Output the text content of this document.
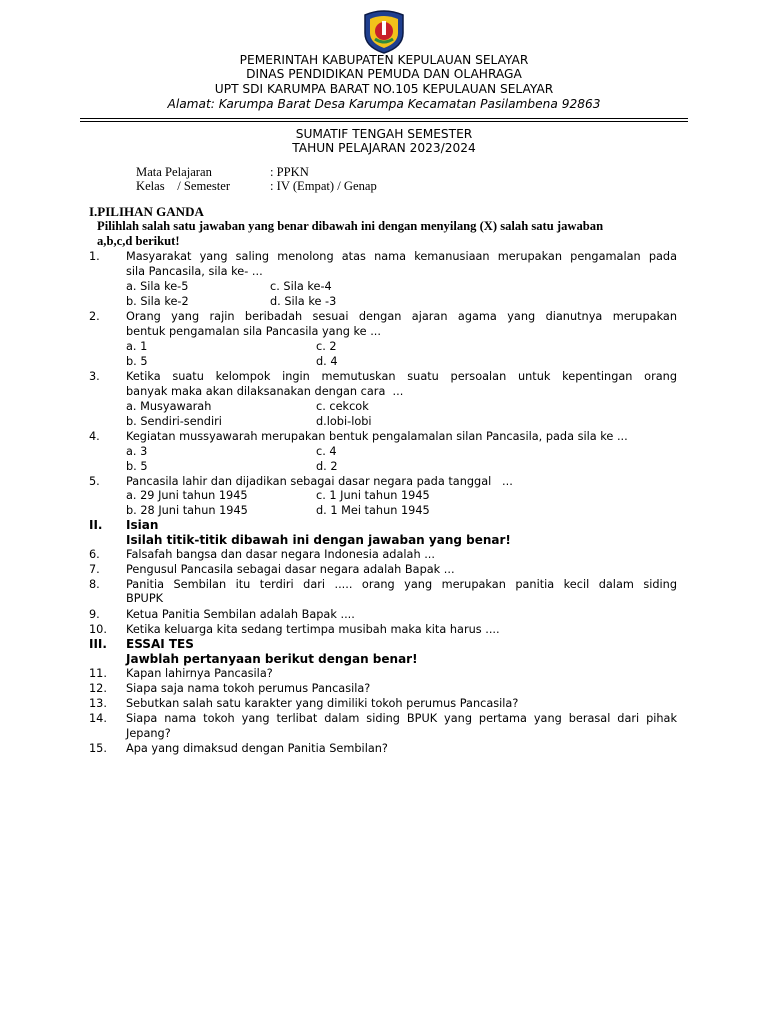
PEMERINTAH KABUPATEN KEPULAUAN SELAYAR
DINAS PENDIDIKAN PEMUDA DAN OLAHRAGA
UPT SDI KARUMPA BARAT NO.105 KEPULAUAN SELAYAR
Alamat: Karumpa Barat Desa Karumpa Kecamatan Pasilambena 92863
SUMATIF TENGAH SEMESTER
TAHUN PELAJARAN 2023/2024
Mata Pelajaran	: PPKN
Kelas    / Semester	: IV (Empat) / Genap
I.PILIHAN GANDA
Pilihlah salah satu jawaban yang benar dibawah ini dengan menyilang (X) salah satu jawaban
a,b,c,d berikut!
1. Masyarakat yang saling menolong atas nama kemanusiaan merupakan pengamalan pada
sila Pancasila, sila ke- ...
a. Sila ke-5	c. Sila ke-4
b. Sila ke-2	d. Sila ke -3
2. Orang yang rajin beribadah sesuai dengan ajaran agama yang dianutnya merupakan
bentuk pengamalan sila Pancasila yang ke ...
a. 1	c. 2
b. 5	d. 4
3. Ketika suatu kelompok ingin memutuskan suatu persoalan untuk kepentingan orang
banyak maka akan dilaksanakan dengan cara  ...
a. Musyawarah	c. cekcok
b. Sendiri-sendiri	d.lobi-lobi
4. Kegiatan mussyawarah merupakan bentuk pengalamalan silan Pancasila, pada sila ke ...
a. 3	c. 4
b. 5	d. 2
5. Pancasila lahir dan dijadikan sebagai dasar negara pada tanggal   ...
a. 29 Juni tahun 1945	c. 1 Juni tahun 1945
b. 28 Juni tahun 1945	d. 1 Mei tahun 1945
II. Isian
Isilah titik-titik dibawah ini dengan jawaban yang benar!
6. Falsafah bangsa dan dasar negara Indonesia adalah ...
7. Pengusul Pancasila sebagai dasar negara adalah Bapak ...
8. Panitia Sembilan itu terdiri dari ..... orang yang merupakan panitia kecil dalam siding
BPUPK
9. Ketua Panitia Sembilan adalah Bapak ....
10. Ketika keluarga kita sedang tertimpa musibah maka kita harus ....
III. ESSAI TES
Jawblah pertanyaan berikut dengan benar!
11. Kapan lahirnya Pancasila?
12. Siapa saja nama tokoh perumus Pancasila?
13. Sebutkan salah satu karakter yang dimiliki tokoh perumus Pancasila?
14. Siapa nama tokoh yang terlibat dalam siding BPUK yang pertama yang berasal dari pihak
Jepang?
15. Apa yang dimaksud dengan Panitia Sembilan?
